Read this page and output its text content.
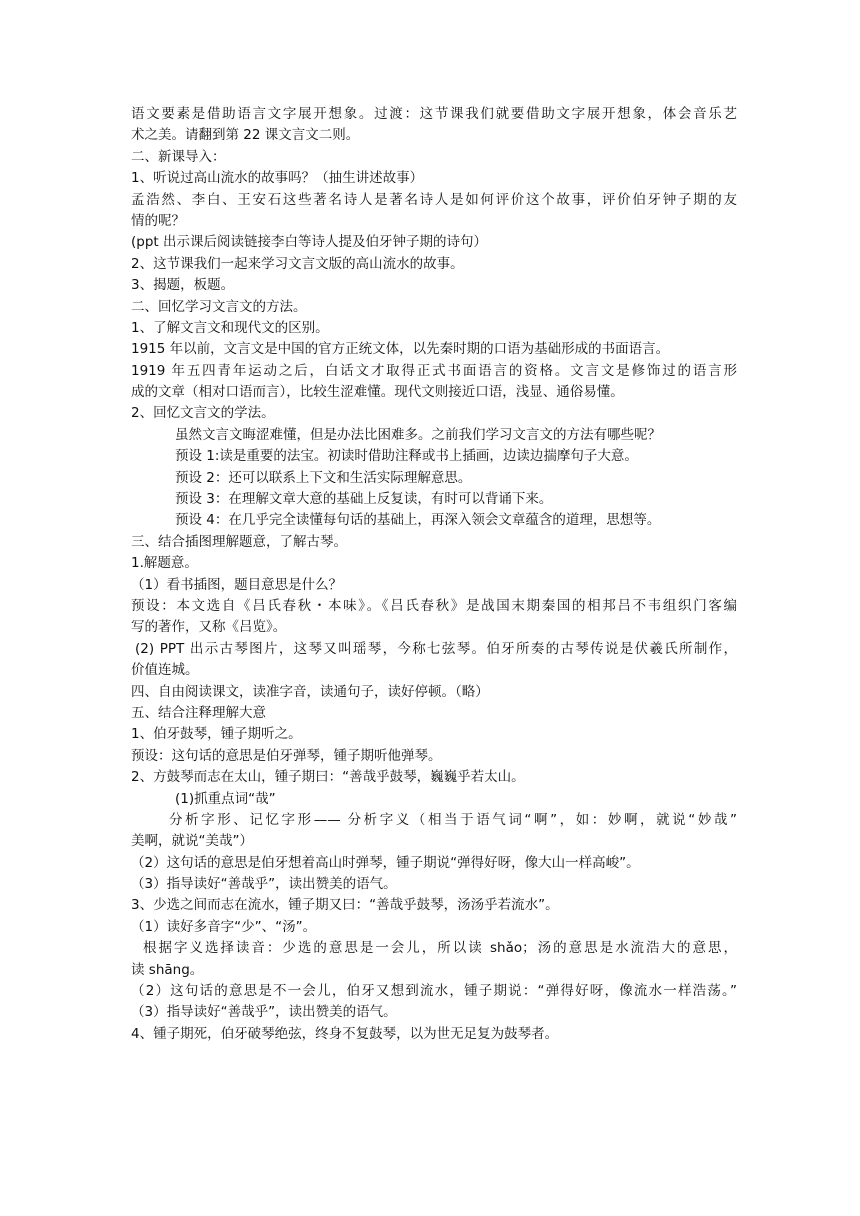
语文要素是借助语言文字展开想象。过渡：这节课我们就要借助文字展开想象，体会音乐艺
术之美。请翻到第 22 课文言文二则。
二、新课导入：
1、听说过高山流水的故事吗？（抽生讲述故事）
孟浩然、李白、王安石这些著名诗人是著名诗人是如何评价这个故事，评价伯牙钟子期的友
情的呢？
(ppt 出示课后阅读链接李白等诗人提及伯牙钟子期的诗句）
2、这节课我们一起来学习文言文版的高山流水的故事。
3、揭题，板题。
二、回忆学习文言文的方法。
1、了解文言文和现代文的区别。
1915 年以前，文言文是中国的官方正统文体，以先秦时期的口语为基础形成的书面语言。
1919 年五四青年运动之后，白话文才取得正式书面语言的资格。文言文是修饰过的语言形
成的文章（相对口语而言），比较生涩难懂。现代文则接近口语，浅显、通俗易懂。
2、回忆文言文的学法。
虽然文言文晦涩难懂，但是办法比困难多。之前我们学习文言文的方法有哪些呢？
预设 1:读是重要的法宝。初读时借助注释或书上插画，边读边揣摩句子大意。
预设 2：还可以联系上下文和生活实际理解意思。
预设 3：在理解文章大意的基础上反复读，有时可以背诵下来。
预设 4：在几乎完全读懂每句话的基础上，再深入领会文章蕴含的道理，思想等。
三、结合插图理解题意，了解古琴。
1.解题意。
（1）看书插图，题目意思是什么？
预设：本文选自《吕氏春秋・本味》。《吕氏春秋》是战国末期秦国的相邦吕不韦组织门客编
写的著作，又称《吕览》。
(2) PPT 出示古琴图片，这琴又叫瑶琴，今称七弦琴。伯牙所奏的古琴传说是伏羲氏所制作，
价值连城。
四、自由阅读课文，读准字音，读通句子，读好停顿。（略）
五、结合注释理解大意
1、伯牙鼓琴，锺子期听之。
预设：这句话的意思是伯牙弹琴，锺子期听他弹琴。
2、方鼓琴而志在太山，锺子期曰：“善哉乎鼓琴，巍巍乎若太山。
(1)抓重点词“哉”
分析字形、记忆字形—— 分析字义（相当于语气词“啊”，如：妙啊，就说“妙哉”
美啊，就说“美哉”）
（2）这句话的意思是伯牙想着高山时弹琴，锺子期说“弹得好呀，像大山一样高峻”。
（3）指导读好“善哉乎”，读出赞美的语气。
3、少选之间而志在流水，锺子期又曰：“善哉乎鼓琴，汤汤乎若流水”。
（1）读好多音字“少”、“汤”。
根据字义选择读音：少选的意思是一会儿，所以读 shǎo；汤的意思是水流浩大的意思，
读 shāng。
（2）这句话的意思是不一会儿，伯牙又想到流水，锺子期说：“弹得好呀，像流水一样浩荡。”
（3）指导读好“善哉乎”，读出赞美的语气。
4、锺子期死，伯牙破琴绝弦，终身不复鼓琴，以为世无足复为鼓琴者。
